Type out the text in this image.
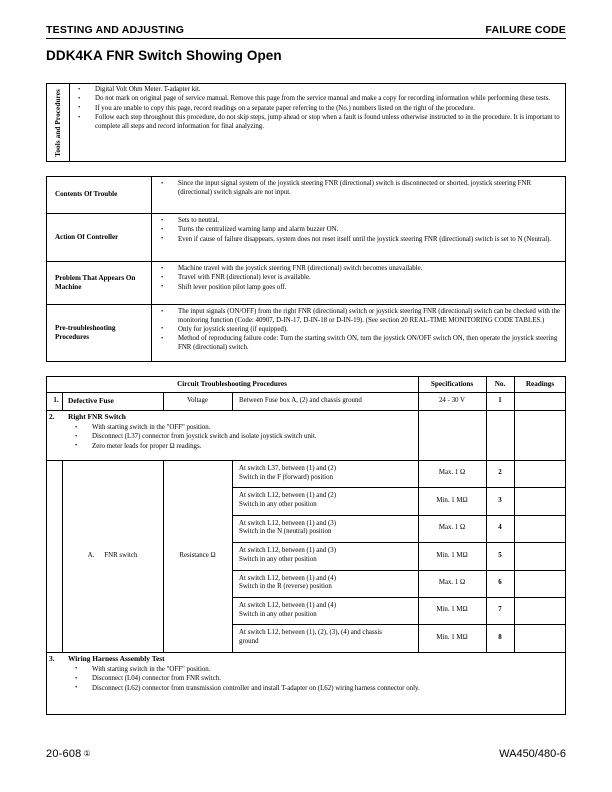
TESTING AND ADJUSTING	FAILURE CODE
DDK4KA FNR Switch Showing Open
Tools and Procedures	• Digital Volt Ohm Meter. T-adapter kit.
• Do not mark on original page of service manual. Remove this page from the service manual and make a copy for recording information while performing these tests.
• If you are unable to copy this page, record readings on a separate paper referring to the (No.) numbers listed on the right of the procedure.
• Follow each step throughout this procedure, do not skip steps, jump ahead or stop when a fault is found unless otherwise instructed to in the procedure. It is important to complete all steps and record information for final analyzing.
Contents Of Trouble
• Since the input signal system of the joystick steering FNR (directional) switch is disconnected or shorted, joystick steering FNR (directional) switch signals are not input.
Action Of Controller
• Sets to neutral.
• Turns the centralized warning lamp and alarm buzzer ON.
• Even if cause of failure disappears, system does not reset itself until the joystick steering FNR (directional) switch is set to N (Neutral).
Problem That Appears On Machine
• Machine travel with the joystick steering FNR (directional) switch becomes unavailable.
• Travel with FNR (directional) lever is available.
• Shift lever position pilot lamp goes off.
Pre-troubleshooting Procedures
• The input signals (ON/OFF) from the right FNR (directional) switch or joystick steering FNR (directional) switch can be checked with the monitoring function (Code: 40907, D-IN-17, D-IN-18 or D-IN-19). (See section 20 REAL-TIME MONITORING CODE TABLES.)
• Only for joystick steering (if equipped).
• Method of reproducing failure code: Turn the starting switch ON, turn the joystick ON/OFF switch ON, then operate the joystick steering FNR (directional) switch.
Circuit Troubleshooting Procedures	Specifications	No.	Readings
1.	Defective Fuse	Voltage	Between Fuse box A, (2) and chassis ground	24 - 30 V	1
2.	Right FNR Switch
• With starting switch in the "OFF" position.
• Disconnect (L37) connector from joystick switch and isolate joystick switch unit.
• Zero meter leads for proper Ω readings.
A. FNR switch	Resistance Ω
At switch L37, between (1) and (2)
Switch in the F (forward) position
Max. 1 Ω	2
At switch L12, between (1) and (2)
Switch in any other position
Min. 1 MΩ	3
At switch L12, between (1) and (3)
Switch in the N (neutral) position
Max. 1 Ω	4
At switch L12, between (1) and (3)
Switch in any other position
Min. 1 MΩ	5
At switch L12, between (1) and (4)
Switch in the R (reverse) position
Max. 1 Ω	6
At switch L12, between (1) and (4)
Switch in any other position
Min. 1 MΩ	7
At switch L12, between (1), (2), (3), (4) and chassis
ground
Min. 1 MΩ	8
3.	Wiring Harness Assembly Test
• With starting switch in the "OFF" position.
• Disconnect (L04) connector from FNR switch.
• Disconnect (L62) connector from transmission controller and install T-adapter on (L62) wiring harness connector only.
20-608 ①	WA450/480-6
